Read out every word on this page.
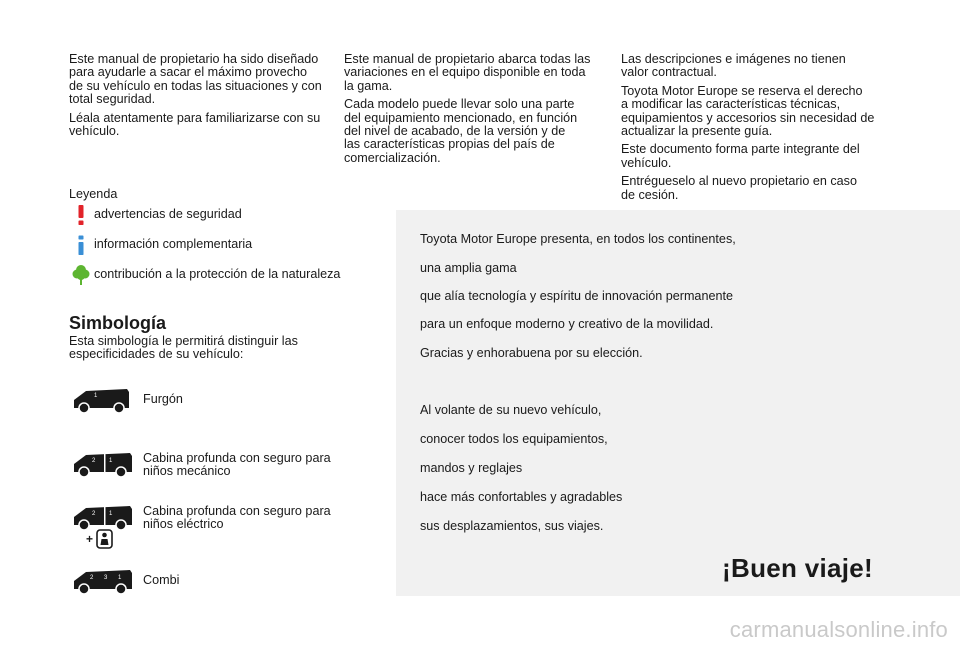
Este manual de propietario ha sido diseñado
para ayudarle a sacar el máximo provecho
de su vehículo en todas las situaciones y con
total seguridad.

Léala atentamente para familiarizarse con su
vehículo.

Este manual de propietario abarca todas las
variaciones en el equipo disponible en toda
la gama.

Cada modelo puede llevar solo una parte
del equipamiento mencionado, en función
del nivel de acabado, de la versión y de
las características propias del país de
comercialización.

Las descripciones e imágenes no tienen
valor contractual.

Toyota Motor Europe se reserva el derecho
a modificar las características técnicas,
equipamientos y accesorios sin necesidad de
actualizar la presente guía.

Este documento forma parte integrante del
vehículo.

Entrégueselo al nuevo propietario en caso
de cesión.

Leyenda
advertencias de seguridad
información complementaria
contribución a la protección de la naturaleza
Simbología
Esta simbología le permitirá distinguir las
especificidades de su vehículo:
1	Furgón
2 1 Cabina profunda con seguro para
niños mecánico
2 1
+
Cabina profunda con seguro para
niños eléctrico
2 3 1 Combi
Toyota Motor Europe presenta, en todos los continentes,
una amplia gama
que alía tecnología y espíritu de innovación permanente
para un enfoque moderno y creativo de la movilidad.
Gracias y enhorabuena por su elección.
Al volante de su nuevo vehículo,
conocer todos los equipamientos,
mandos y reglajes
hace más confortables y agradables
sus desplazamientos, sus viajes.
¡Buen viaje!
carmanualsonline.info
